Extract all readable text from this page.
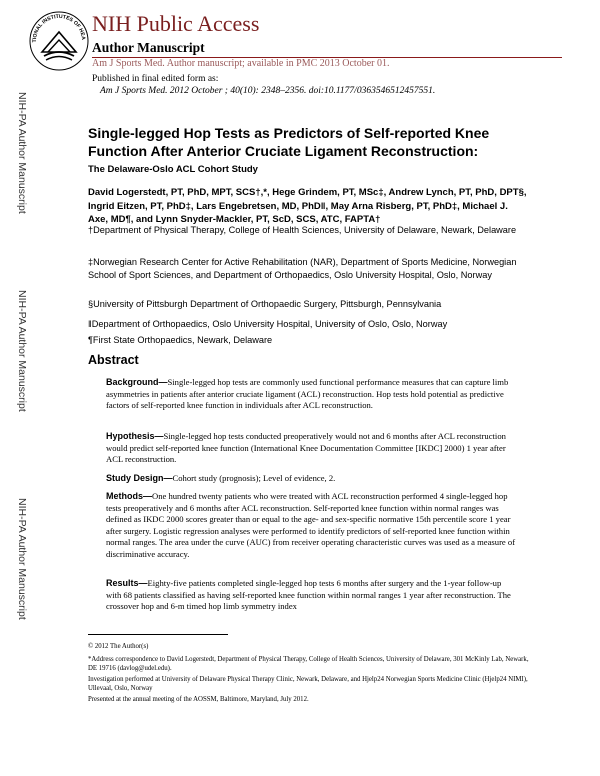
TIONAL INSTITUTES OF HEA
NIH Public Access
Author Manuscript
Am J Sports Med. Author manuscript; available in PMC 2013 October 01.
Published in final edited form as:
Am J Sports Med. 2012 October ; 40(10): 2348–2356. doi:10.1177/0363546512457551.
NIH-PA Author Manuscript
NIH-PA Author Manuscript
NIH-PA Author Manuscript
Single-legged Hop Tests as Predictors of Self-reported Knee Function After Anterior Cruciate Ligament Reconstruction:
The Delaware-Oslo ACL Cohort Study
David Logerstedt, PT, PhD, MPT, SCS†,*, Hege Grindem, PT, MSc‡, Andrew Lynch, PT, PhD, DPT§, Ingrid Eitzen, PT, PhD‡, Lars Engebretsen, MD, PhD‖, May Arna Risberg, PT, PhD‡, Michael J. Axe, MD¶, and Lynn Snyder-Mackler, PT, ScD, SCS, ATC, FAPTA†
†Department of Physical Therapy, College of Health Sciences, University of Delaware, Newark, Delaware
‡Norwegian Research Center for Active Rehabilitation (NAR), Department of Sports Medicine, Norwegian School of Sport Sciences, and Department of Orthopaedics, Oslo University Hospital, Oslo, Norway
§University of Pittsburgh Department of Orthopaedic Surgery, Pittsburgh, Pennsylvania
‖Department of Orthopaedics, Oslo University Hospital, University of Oslo, Oslo, Norway
¶First State Orthopaedics, Newark, Delaware
Abstract
Background—Single-legged hop tests are commonly used functional performance measures that can capture limb asymmetries in patients after anterior cruciate ligament (ACL) reconstruction. Hop tests hold potential as predictive factors of self-reported knee function in individuals after ACL reconstruction.
Hypothesis—Single-legged hop tests conducted preoperatively would not and 6 months after ACL reconstruction would predict self-reported knee function (International Knee Documentation Committee [IKDC] 2000) 1 year after ACL reconstruction.
Study Design—Cohort study (prognosis); Level of evidence, 2.
Methods—One hundred twenty patients who were treated with ACL reconstruction performed 4 single-legged hop tests preoperatively and 6 months after ACL reconstruction. Self-reported knee function within normal ranges was defined as IKDC 2000 scores greater than or equal to the age- and sex-specific normative 15th percentile score 1 year after surgery. Logistic regression analyses were performed to identify predictors of self-reported knee function within normal ranges. The area under the curve (AUC) from receiver operating characteristic curves was used as a measure of discriminative accuracy.
Results—Eighty-five patients completed single-legged hop tests 6 months after surgery and the 1-year follow-up with 68 patients classified as having self-reported knee function within normal ranges 1 year after reconstruction. The crossover hop and 6-m timed hop limb symmetry index
© 2012 The Author(s)
*Address correspondence to David Logerstedt, Department of Physical Therapy, College of Health Sciences, University of Delaware, 301 McKinly Lab, Newark, DE 19716 (davlog@udel.edu).
Investigation performed at University of Delaware Physical Therapy Clinic, Newark, Delaware, and Hjelp24 Norwegian Sports Medicine Clinic (Hjelp24 NIMI), Ullevaal, Oslo, Norway
Presented at the annual meeting of the AOSSM, Baltimore, Maryland, July 2012.
